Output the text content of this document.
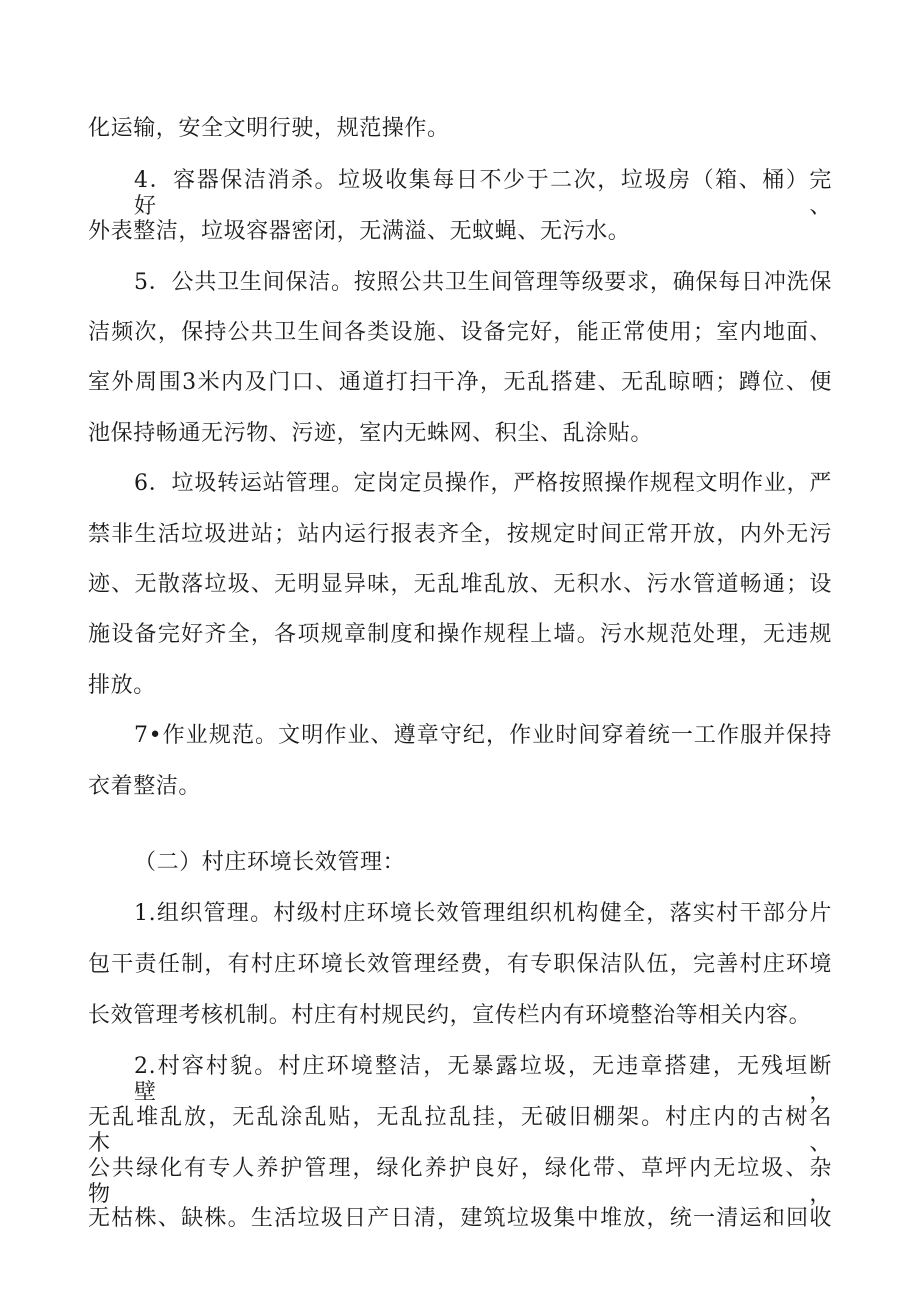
化运输，安全文明行驶，规范操作。

4．容器保洁消杀。垃圾收集每日不少于二次，垃圾房（箱、桶）完好、

外表整洁，垃圾容器密闭，无满溢、无蚊蝇、无污水。

5．公共卫生间保洁。按照公共卫生间管理等级要求，确保每日冲洗保

洁频次，保持公共卫生间各类设施、设备完好，能正常使用；室内地面、

室外周围3米内及门口、通道打扫干净，无乱搭建、无乱晾晒；蹲位、便

池保持畅通无污物、污迹，室内无蛛网、积尘、乱涂贴。

6．垃圾转运站管理。定岗定员操作，严格按照操作规程文明作业，严

禁非生活垃圾进站；站内运行报表齐全，按规定时间正常开放，内外无污

迹、无散落垃圾、无明显异味，无乱堆乱放、无积水、污水管道畅通；设

施设备完好齐全，各项规章制度和操作规程上墙。污水规范处理，无违规

排放。

7•作业规范。文明作业、遵章守纪，作业时间穿着统一工作服并保持

衣着整洁。

（二）村庄环境长效管理：

1.组织管理。村级村庄环境长效管理组织机构健全，落实村干部分片

包干责任制，有村庄环境长效管理经费，有专职保洁队伍，完善村庄环境

长效管理考核机制。村庄有村规民约，宣传栏内有环境整治等相关内容。

2.村容村貌。村庄环境整洁，无暴露垃圾，无违章搭建，无残垣断壁，

无乱堆乱放，无乱涂乱贴，无乱拉乱挂，无破旧棚架。村庄内的古树名木、

公共绿化有专人养护管理，绿化养护良好，绿化带、草坪内无垃圾、杂物，

无枯株、缺株。生活垃圾日产日清，建筑垃圾集中堆放，统一清运和回收
